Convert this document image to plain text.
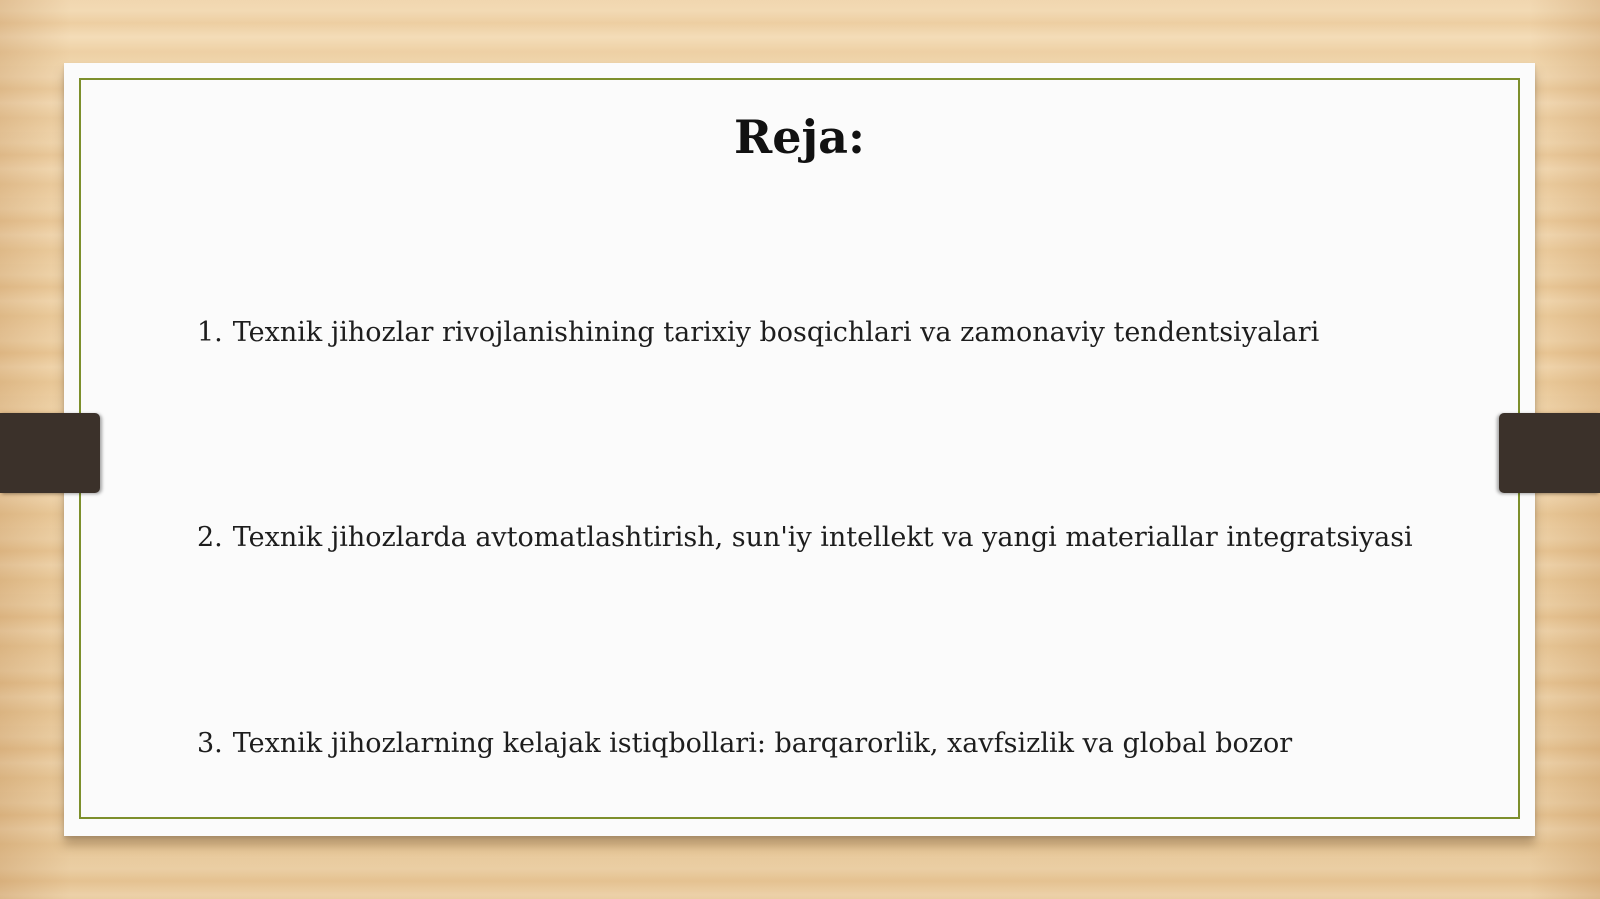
Reja:
1. Texnik jihozlar rivojlanishining tarixiy bosqichlari va zamonaviy tendentsiyalari
2. Texnik jihozlarda avtomatlashtirish, sun'iy intellekt va yangi materiallar integratsiyasi
3. Texnik jihozlarning kelajak istiqbollari: barqarorlik, xavfsizlik va global bozor
